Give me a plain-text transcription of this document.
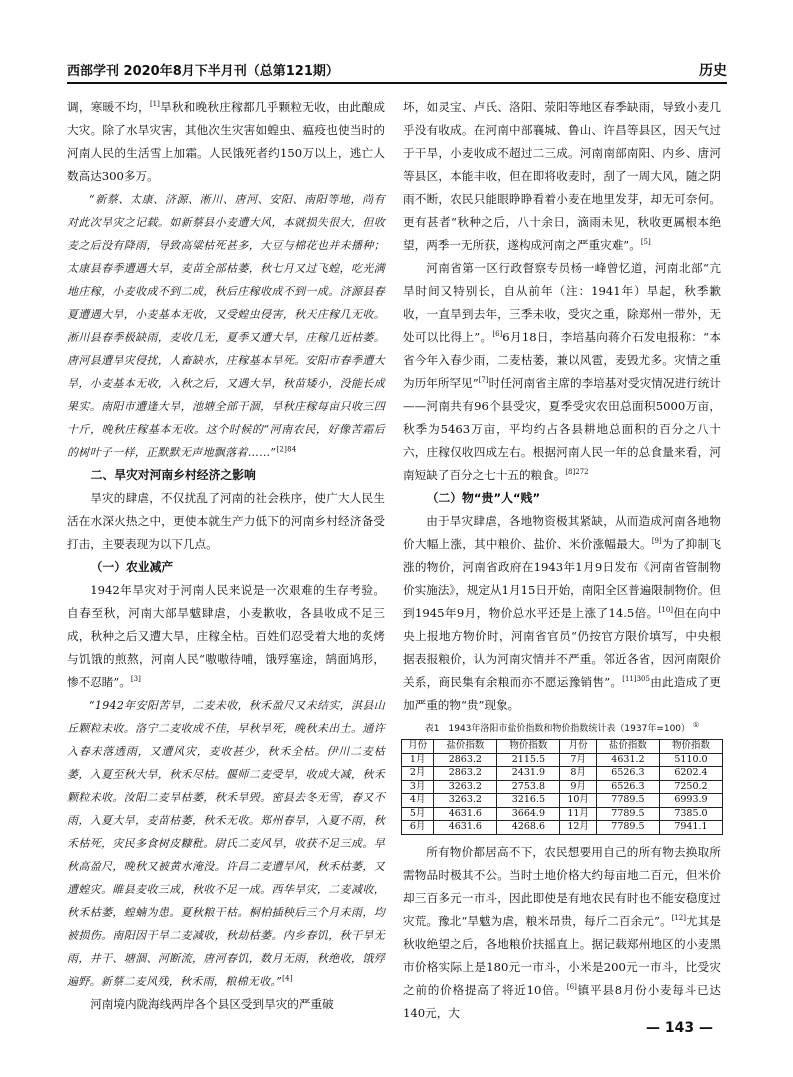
西部学刊 2020年8月下半月刊（总第121期）	历史

调，寒暖不均，[1]旱秋和晚秋庄稼都几乎颗粒无收，由此酿成大灾。除了水旱灾害，其他次生灾害如蝗虫、瘟疫也使当时的河南人民的生活雪上加霜。人民饿死者约150万以上，逃亡人数高达300多万。

“新蔡、太康、济源、淅川、唐河、安阳、南阳等地，尚有对此次旱灾之记载。如新蔡县小麦遭大风，本就损失很大，但收麦之后没有降雨，导致高粱枯死甚多，大豆与棉花也并未播种；太康县春季遭遇大旱，麦苗全部枯萎，秋七月又过飞蝗，吃光满地庄稼，小麦收成不到二成，秋后庄稼收成不到一成。济源县春夏遭遇大旱，小麦基本无收，又受蝗虫侵害，秋天庄稼几无收。淅川县春季极缺雨，麦收几无，夏季又遭大旱，庄稼几近枯萎。唐河县遭旱灾侵扰，人畜缺水，庄稼基本旱死。安阳市春季遭大旱，小麦基本无收，入秋之后，又遇大旱，秋苗矮小，没能长成果实。南阳市遭逢大旱，池塘全部干涸，旱秋庄稼每亩只收三四十斤，晚秋庄稼基本无收。这个时候的“河南农民，好像苦霜后的树叶子一样，正默默无声地飘落着……”$^{[2]84}$

二、旱灾对河南乡村经济之影响

旱灾的肆虐，不仅扰乱了河南的社会秩序，使广大人民生活在水深火热之中，更使本就生产力低下的河南乡村经济备受打击，主要表现为以下几点。

（一）农业减产

1942年旱灾对于河南人民来说是一次艰难的生存考验。自春至秋，河南大部旱魃肆虐，小麦歉收，各县收成不足三成，秋种之后又遭大旱，庄稼全枯。百姓们忍受着大地的炙烤与饥饿的煎熬，河南人民“嗷嗷待哺，饿殍塞途，鹄面鸠形，惨不忍睹”。[3]

“1942年安阳苦旱，二麦未收，秋禾盈尺又未结实，淇县山丘颗粒未收。洛宁二麦收成不佳，早秋旱死，晚秋未出土。通许入春未落透雨，又遭风灾，麦收甚少，秋禾全枯。伊川二麦枯萎，入夏至秋大旱，秋禾尽枯。偃师二麦受旱，收成大减，秋禾颗粒未收。汝阳二麦旱枯萎，秋禾旱毁。密县去冬无雪，春又不雨，入夏大旱，麦苗枯萎，秋禾无收。郑州春旱，入夏不雨，秋禾枯死，灾民多食树皮糠秕。尉氏二麦风旱，收获不足三成。早秋高盈尺，晚秋又被黄水淹没。许昌二麦遭旱风，秋禾枯萎，又遭蝗灾。睢县麦收三成，秋收不足一成。西华旱灾，二麦减收，秋禾枯萎，蝗蝻为患。夏秋粮干枯。桐柏插秧后三个月未雨，均被损伤。南阳因干旱二麦减收，秋劫枯萎。内乡春饥，秋干旱无雨，井干、塘涸、河断流，唐河春饥，数月无雨，秋绝收，饿殍遍野。新蔡二麦风残，秋禾雨，粮棉无收。”[4]

河南境内陇海线两岸各个县区受到旱灾的严重破

坏，如灵宝、卢氏、洛阳、荥阳等地区春季缺雨，导致小麦几乎没有收成。在河南中部襄城、鲁山、许昌等县区，因天气过于干旱，小麦收成不超过二三成。河南南部南阳、内乡、唐河等县区，本能丰收，但在即将收麦时，刮了一周大风，随之阴雨不断，农民只能眼睁睁看着小麦在地里发芽，却无可奈何。更有甚者“秋种之后，八十余日，滴雨未见，秋收更属根本绝望，两季一无所获，遂构成河南之严重灾难”。[5]

河南省第一区行政督察专员杨一峰曾忆道，河南北部“亢旱时间又特别长，自从前年（注：1941年）旱起，秋季歉收，一直旱到去年，三季未收，受灾之重，除郑州一带外，无处可以比得上”。[6]6月18日，李培基向蒋介石发电报称：“本省今年入春少雨，二麦枯萎，兼以风雹，麦毁尤多。灾情之重为历年所罕见”[7]时任河南省主席的李培基对受灾情况进行统计——河南共有96个县受灾，夏季受灾农田总面积5000万亩，秋季为5463万亩，平均约占各县耕地总面积的百分之八十六，庄稼仅收四成左右。根据河南人民一年的总食量来看，河南短缺了百分之七十五的粮食。$^{[8]272}$

（二）物“贵”人“贱”

由于旱灾肆虐，各地物资极其紧缺，从而造成河南各地物价大幅上涨，其中粮价、盐价、米价涨幅最大。[9]为了抑制飞涨的物价，河南省政府在1943年1月9日发布《河南省管制物价实施法》，规定从1月15日开始，南阳全区普遍限制物价。但到1945年9月，物价总水平还是上涨了14.5倍。[10]但在向中央上报地方物价时，河南省官员“仍按官方限价填写，中央根据表报粮价，认为河南灾情并不严重。邻近各省，因河南限价关系，商民集有余粮而亦不愿运豫销售”。$^{[11]305}$由此造成了更加严重的物“贵”现象。

表1　1943年洛阳市盐价指数和物价指数统计表（1937年=100） ①
月份	盐价指数	物价指数	月份	盐价指数	物价指数
1月	2863.2	2115.5	7月	4631.2	5110.0
2月	2863.2	2431.9	8月	6526.3	6202.4
3月	3263.2	2753.8	9月	6526.3	7250.2
4月	3263.2	3216.5	10月	7789.5	6993.9
5月	4631.6	3664.9	11月	7789.5	7385.0
6月	4631.6	4268.6	12月	7789.5	7941.1

所有物价都居高不下，农民想要用自己的所有物去换取所需物品时极其不公。当时土地价格大约每亩地二百元，但米价却三百多元一市斗，因此即使是有地农民有时也不能安稳度过灾荒。豫北“旱魃为虐，粮米昂贵，每斤二百余元”。[12]尤其是秋收绝望之后，各地粮价扶摇直上。据记载郑州地区的小麦黑市价格实际上是180元一市斗，小米是200元一市斗，比受灾之前的价格提高了将近10倍。[6]镇平县8月份小麦每斗已达140元，大

— 143 —
